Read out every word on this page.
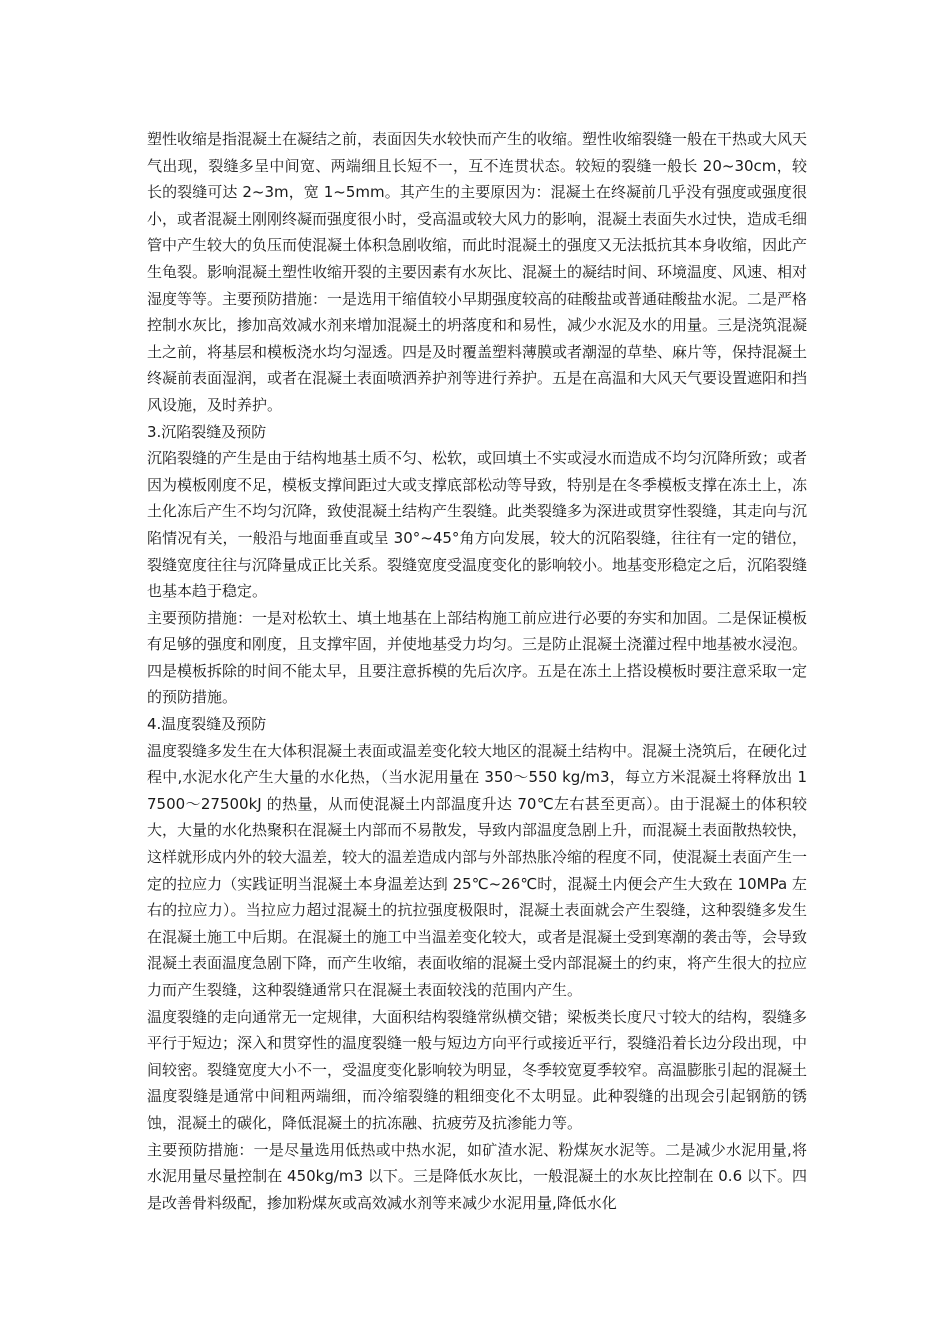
塑性收缩是指混凝土在凝结之前，表面因失水较快而产生的收缩。塑性收缩裂缝一般在干热或大风天气出现，裂缝多呈中间宽、两端细且长短不一，互不连贯状态。较短的裂缝一般长 20~30cm，较长的裂缝可达 2~3m，宽 1~5mm。其产生的主要原因为：混凝土在终凝前几乎没有强度或强度很小，或者混凝土刚刚终凝而强度很小时，受高温或较大风力的影响，混凝土表面失水过快，造成毛细管中产生较大的负压而使混凝土体积急剧收缩，而此时混凝土的强度又无法抵抗其本身收缩，因此产生龟裂。影响混凝土塑性收缩开裂的主要因素有水灰比、混凝土的凝结时间、环境温度、风速、相对湿度等等。主要预防措施：一是选用干缩值较小早期强度较高的硅酸盐或普通硅酸盐水泥。二是严格控制水灰比，掺加高效减水剂来增加混凝土的坍落度和和易性，减少水泥及水的用量。三是浇筑混凝土之前，将基层和模板浇水均匀湿透。四是及时覆盖塑料薄膜或者潮湿的草垫、麻片等，保持混凝土终凝前表面湿润，或者在混凝土表面喷洒养护剂等进行养护。五是在高温和大风天气要设置遮阳和挡风设施，及时养护。

3.沉陷裂缝及预防

沉陷裂缝的产生是由于结构地基土质不匀、松软，或回填土不实或浸水而造成不均匀沉降所致；或者因为模板刚度不足，模板支撑间距过大或支撑底部松动等导致，特别是在冬季模板支撑在冻土上，冻土化冻后产生不均匀沉降，致使混凝土结构产生裂缝。此类裂缝多为深进或贯穿性裂缝，其走向与沉陷情况有关，一般沿与地面垂直或呈 30°~45°角方向发展，较大的沉陷裂缝，往往有一定的错位，裂缝宽度往往与沉降量成正比关系。裂缝宽度受温度变化的影响较小。地基变形稳定之后，沉陷裂缝也基本趋于稳定。

主要预防措施：一是对松软土、填土地基在上部结构施工前应进行必要的夯实和加固。二是保证模板有足够的强度和刚度，且支撑牢固，并使地基受力均匀。三是防止混凝土浇灌过程中地基被水浸泡。四是模板拆除的时间不能太早，且要注意拆模的先后次序。五是在冻土上搭设模板时要注意采取一定的预防措施。

4.温度裂缝及预防

温度裂缝多发生在大体积混凝土表面或温差变化较大地区的混凝土结构中。混凝土浇筑后，在硬化过程中,水泥水化产生大量的水化热，（当水泥用量在 350～550 kg/m3，每立方米混凝土将释放出 17500～27500kJ 的热量，从而使混凝土内部温度升达 70℃左右甚至更高）。由于混凝土的体积较大，大量的水化热聚积在混凝土内部而不易散发，导致内部温度急剧上升，而混凝土表面散热较快，这样就形成内外的较大温差，较大的温差造成内部与外部热胀冷缩的程度不同，使混凝土表面产生一定的拉应力（实践证明当混凝土本身温差达到 25℃~26℃时，混凝土内便会产生大致在 10MPa 左右的拉应力）。当拉应力超过混凝土的抗拉强度极限时，混凝土表面就会产生裂缝，这种裂缝多发生在混凝土施工中后期。在混凝土的施工中当温差变化较大，或者是混凝土受到寒潮的袭击等，会导致混凝土表面温度急剧下降，而产生收缩，表面收缩的混凝土受内部混凝土的约束，将产生很大的拉应力而产生裂缝，这种裂缝通常只在混凝土表面较浅的范围内产生。

温度裂缝的走向通常无一定规律，大面积结构裂缝常纵横交错；梁板类长度尺寸较大的结构，裂缝多平行于短边；深入和贯穿性的温度裂缝一般与短边方向平行或接近平行，裂缝沿着长边分段出现，中间较密。裂缝宽度大小不一，受温度变化影响较为明显，冬季较宽夏季较窄。高温膨胀引起的混凝土温度裂缝是通常中间粗两端细，而冷缩裂缝的粗细变化不太明显。此种裂缝的出现会引起钢筋的锈蚀，混凝土的碳化，降低混凝土的抗冻融、抗疲劳及抗渗能力等。

主要预防措施：一是尽量选用低热或中热水泥，如矿渣水泥、粉煤灰水泥等。二是减少水泥用量,将水泥用量尽量控制在 450kg/m3 以下。三是降低水灰比，一般混凝土的水灰比控制在 0.6 以下。四是改善骨料级配，掺加粉煤灰或高效减水剂等来减少水泥用量,降低水化
